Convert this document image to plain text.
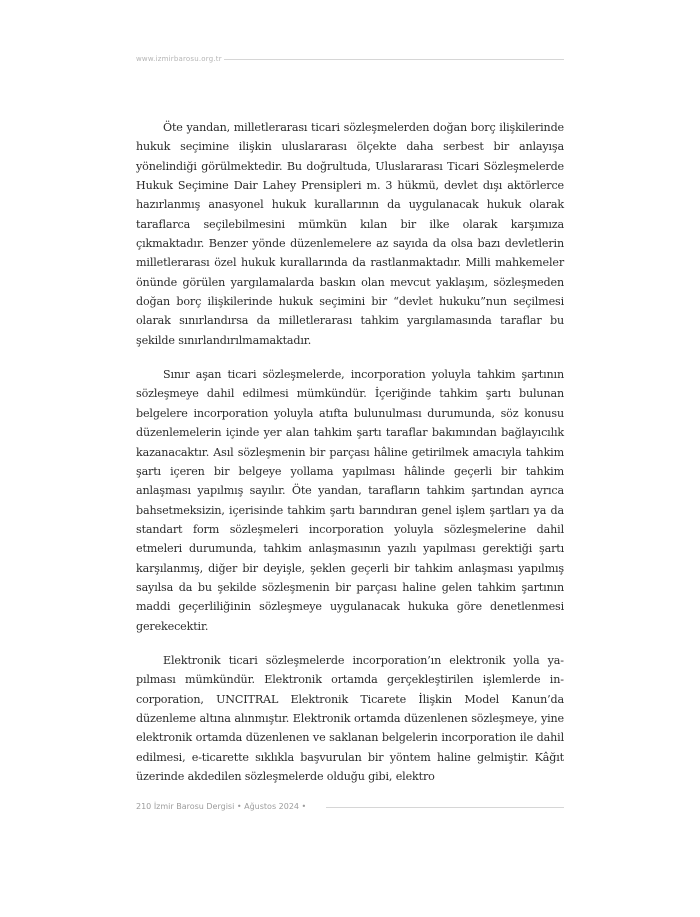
www.izmirbarosu.org.tr

Öte yandan, milletlerarası ticari sözleşmelerden doğan borç ilişkilerinde hukuk seçimine ilişkin uluslararası ölçekte daha serbest bir anlayışa yönelindiği görülmektedir. Bu doğrultuda, Uluslararası Ticari Sözleşmelerde Hukuk Seçimine Dair Lahey Prensipleri m. 3 hükmü, devlet dışı aktörlerce hazırlanmış anasyonel hukuk kurallarının da uygulanacak hukuk olarak taraflarca seçilebilmesini mümkün kılan bir ilke olarak karşımıza çıkmaktadır. Benzer yönde düzenlemelere az sayıda da olsa bazı devletlerin milletlerarası özel hukuk kurallarında da rastlanmaktadır. Milli mahkemeler önünde görülen yargılamalarda baskın olan mevcut yaklaşım, sözleşmeden doğan borç ilişkilerinde hukuk seçimini bir “devlet hukuku”nun seçilmesi olarak sınırlandırsa da milletlerarası tahkim yargılamasında taraflar bu şekilde sınırlandırılmamaktadır.

Sınır aşan ticari sözleşmelerde, incorporation yoluyla tahkim şartının sözleşmeye dahil edilmesi mümkündür. İçeriğinde tahkim şartı bulunan belgelere incorporation yoluyla atıfta bulunulması durumunda, söz konusu düzenlemelerin içinde yer alan tahkim şartı taraflar bakımından bağlayıcılık kazanacaktır. Asıl sözleşmenin bir parçası hâline getirilmek amacıyla tahkim şartı içeren bir belgeye yollama yapılması hâlinde geçerli bir tahkim anlaşması yapılmış sayılır. Öte yandan, tarafların tahkim şartından ayrıca bahsetmeksizin, içerisinde tahkim şartı barındıran genel işlem şartları ya da standart form sözleşmeleri incorporation yoluyla sözleşmelerine dahil etmeleri durumunda, tahkim anlaşmasının yazılı yapılması gerektiği şartı karşılanmış, diğer bir deyişle, şeklen geçerli bir tahkim anlaşması yapılmış sayılsa da bu şekilde sözleşmenin bir parçası haline gelen tahkim şartının maddi geçerliliğinin sözleşmeye uygulanacak hukuka göre denetlenmesi gerekecektir.

Elektronik ticari sözleşmelerde incorporation’ın elektronik yolla yapılması mümkündür. Elektronik ortamda gerçekleştirilen işlemlerde incorporation, UNCITRAL Elektronik Ticarete İlişkin Model Kanun’da düzenleme altına alınmıştır. Elektronik ortamda düzenlenen sözleşmeye, yine elektronik ortamda düzenlenen ve saklanan belgelerin incorporation ile dahil edilmesi, e-ticarette sıklıkla başvurulan bir yöntem haline gelmiştir. Kâğıt üzerinde akdedilen sözleşmelerde olduğu gibi, elektro

210 İzmir Barosu Dergisi • Ağustos 2024 •
